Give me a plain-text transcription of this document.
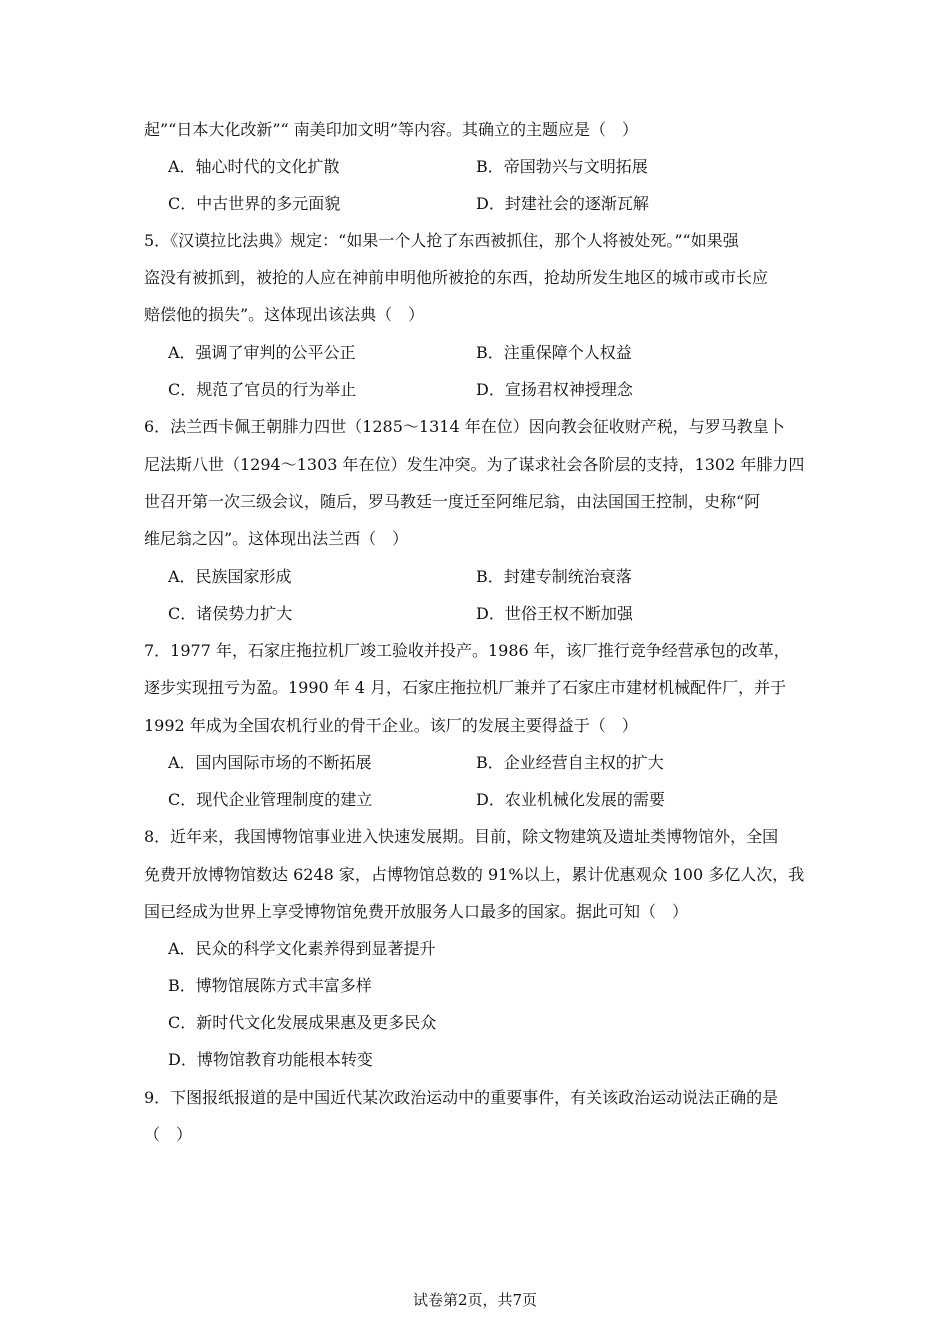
起”“日本大化改新”“ 南美印加文明”等内容。其确立的主题应是（　）
A．轴心时代的文化扩散	B．帝国勃兴与文明拓展
C．中古世界的多元面貌	D．封建社会的逐渐瓦解
5．《汉谟拉比法典》规定：“如果一个人抢了东西被抓住，那个人将被处死。”“如果强
盗没有被抓到，被抢的人应在神前申明他所被抢的东西，抢劫所发生地区的城市或市长应
赔偿他的损失”。这体现出该法典（　）
A．强调了审判的公平公正	B．注重保障个人权益
C．规范了官员的行为举止	D．宣扬君权神授理念
6．法兰西卡佩王朝腓力四世（1285～1314 年在位）因向教会征收财产税，与罗马教皇卜
尼法斯八世（1294～1303 年在位）发生冲突。为了谋求社会各阶层的支持，1302 年腓力四
世召开第一次三级会议，随后，罗马教廷一度迁至阿维尼翁，由法国国王控制，史称“阿
维尼翁之囚”。这体现出法兰西（　）
A．民族国家形成	B．封建专制统治衰落
C．诸侯势力扩大	D．世俗王权不断加强
7．1977 年，石家庄拖拉机厂竣工验收并投产。1986 年，该厂推行竞争经营承包的改革，
逐步实现扭亏为盈。1990 年 4 月，石家庄拖拉机厂兼并了石家庄市建材机械配件厂，并于
1992 年成为全国农机行业的骨干企业。该厂的发展主要得益于（　）
A．国内国际市场的不断拓展	B．企业经营自主权的扩大
C．现代企业管理制度的建立	D．农业机械化发展的需要
8．近年来，我国博物馆事业进入快速发展期。目前，除文物建筑及遗址类博物馆外，全国
免费开放博物馆数达 6248 家，占博物馆总数的 91%以上，累计优惠观众 100 多亿人次，我
国已经成为世界上享受博物馆免费开放服务人口最多的国家。据此可知（　）
A．民众的科学文化素养得到显著提升
B．博物馆展陈方式丰富多样
C．新时代文化发展成果惠及更多民众
D．博物馆教育功能根本转变
9．下图报纸报道的是中国近代某次政治运动中的重要事件，有关该政治运动说法正确的是
（　）
试卷第2页，共7页
